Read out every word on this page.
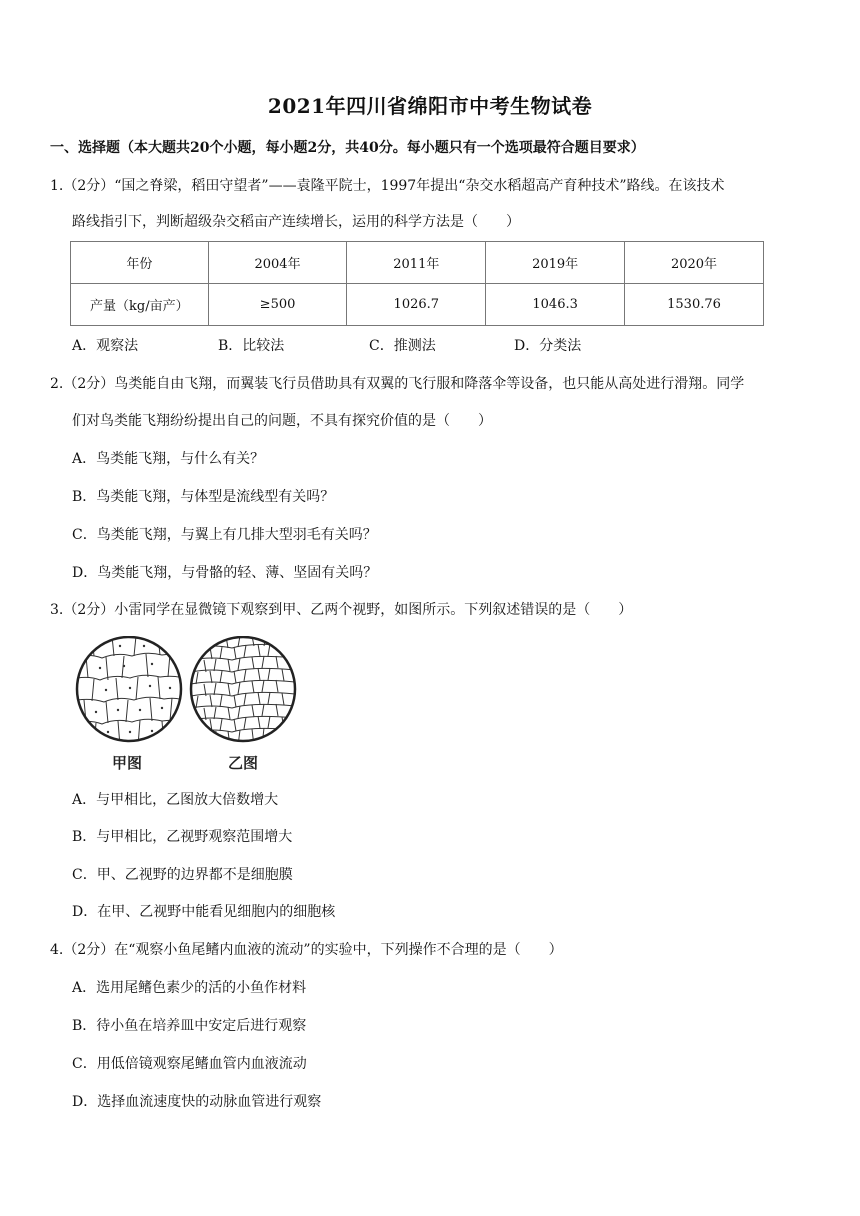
2021年四川省绵阳市中考生物试卷
一、选择题（本大题共20个小题，每小题2分，共40分。每小题只有一个选项最符合题目要求）
1.（2分）“国之脊梁，稻田守望者”——袁隆平院士，1997年提出“杂交水稻超高产育种技术”路线。在该技术
路线指引下，判断超级杂交稻亩产连续增长，运用的科学方法是（　　）
年份	2004年	2011年	2019年	2020年
产量（kg/亩产）	≥500	1026.7	1046.3	1530.76
A．观察法	B．比较法	C．推测法	D．分类法
2.（2分）鸟类能自由飞翔，而翼装飞行员借助具有双翼的飞行服和降落伞等设备，也只能从高处进行滑翔。同学
们对鸟类能飞翔纷纷提出自己的问题，不具有探究价值的是（　　）
A．鸟类能飞翔，与什么有关？
B．鸟类能飞翔，与体型是流线型有关吗？
C．鸟类能飞翔，与翼上有几排大型羽毛有关吗？
D．鸟类能飞翔，与骨骼的轻、薄、坚固有关吗？
3.（2分）小雷同学在显微镜下观察到甲、乙两个视野，如图所示。下列叙述错误的是（　　）
甲图	乙图
A．与甲相比，乙图放大倍数增大
B．与甲相比，乙视野观察范围增大
C．甲、乙视野的边界都不是细胞膜
D．在甲、乙视野中能看见细胞内的细胞核
4.（2分）在“观察小鱼尾鳍内血液的流动”的实验中，下列操作不合理的是（　　）
A．选用尾鳍色素少的活的小鱼作材料
B．待小鱼在培养皿中安定后进行观察
C．用低倍镜观察尾鳍血管内血液流动
D．选择血流速度快的动脉血管进行观察
